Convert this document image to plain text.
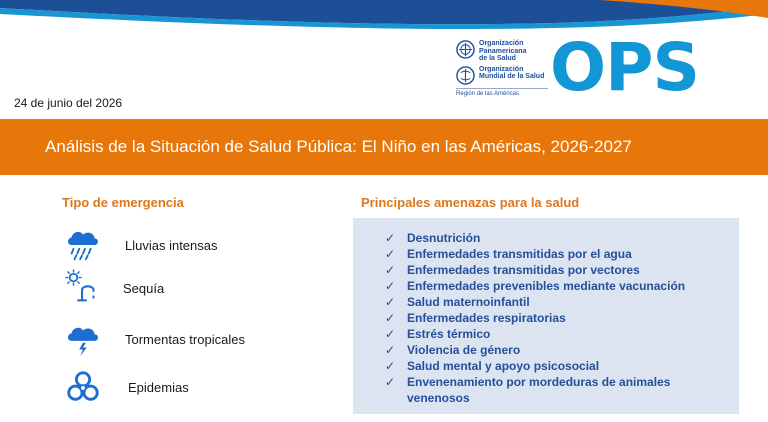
Organización
Panamericana
de la Salud
Organización
Mundial de la Salud
Región de las Américas OPS
24 de junio del 2026
Análisis de la Situación de Salud Pública: El Niño en las Américas, 2026-2027
Tipo de emergencia
Lluvias intensas
Sequía
Tormentas tropicales
Epidemias
Principales amenazas para la salud
✓ Desnutrición
✓ Enfermedades transmitidas por el agua
✓ Enfermedades transmitidas por vectores
✓ Enfermedades prevenibles mediante vacunación
✓ Salud maternoinfantil
✓ Enfermedades respiratorias
✓ Estrés térmico
✓ Violencia de género
✓ Salud mental y apoyo psicosocial
✓ Envenenamiento por mordeduras de animales venenosos
